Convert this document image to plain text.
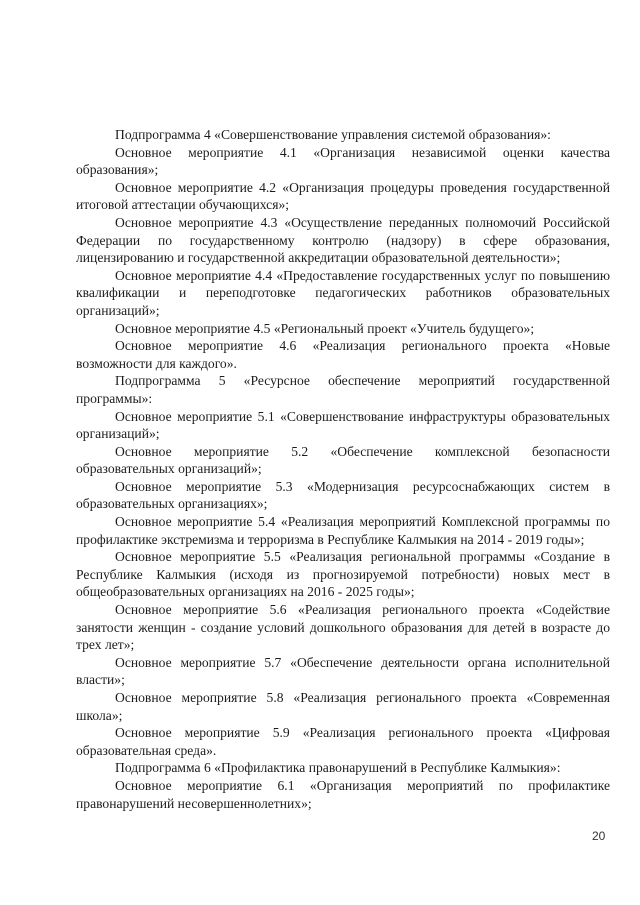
Подпрограмма 4 «Совершенствование управления системой образования»:

Основное мероприятие 4.1 «Организация независимой оценки качества образования»;

Основное мероприятие 4.2 «Организация процедуры проведения государственной итоговой аттестации обучающихся»;

Основное мероприятие 4.3 «Осуществление переданных полномочий Российской Федерации по государственному контролю (надзору) в сфере образования, лицензированию и государственной аккредитации образовательной деятельности»;

Основное мероприятие 4.4 «Предоставление государственных услуг по повышению квалификации и переподготовке педагогических работников образовательных организаций»;

Основное мероприятие 4.5 «Региональный проект «Учитель будущего»;

Основное мероприятие 4.6 «Реализация регионального проекта «Новые возможности для каждого».

Подпрограмма 5 «Ресурсное обеспечение мероприятий государственной программы»:

Основное мероприятие 5.1 «Совершенствование инфраструктуры образовательных организаций»;

Основное мероприятие 5.2 «Обеспечение комплексной безопасности образовательных организаций»;

Основное мероприятие 5.3 «Модернизация ресурсоснабжающих систем в образовательных организациях»;

Основное мероприятие 5.4 «Реализация мероприятий Комплексной программы по профилактике экстремизма и терроризма в Республике Калмыкия на 2014 - 2019 годы»;

Основное мероприятие 5.5 «Реализация региональной программы «Создание в Республике Калмыкия (исходя из прогнозируемой потребности) новых мест в общеобразовательных организациях на 2016 - 2025 годы»;

Основное мероприятие 5.6 «Реализация регионального проекта «Содействие занятости женщин - создание условий дошкольного образования для детей в возрасте до трех лет»;

Основное мероприятие 5.7 «Обеспечение деятельности органа исполнительной власти»;

Основное мероприятие 5.8 «Реализация регионального проекта «Современная школа»;

Основное мероприятие 5.9 «Реализация регионального проекта «Цифровая образовательная среда».

Подпрограмма 6 «Профилактика правонарушений в Республике Калмыкия»:

Основное мероприятие 6.1 «Организация мероприятий по профилактике правонарушений несовершеннолетних»;

20
